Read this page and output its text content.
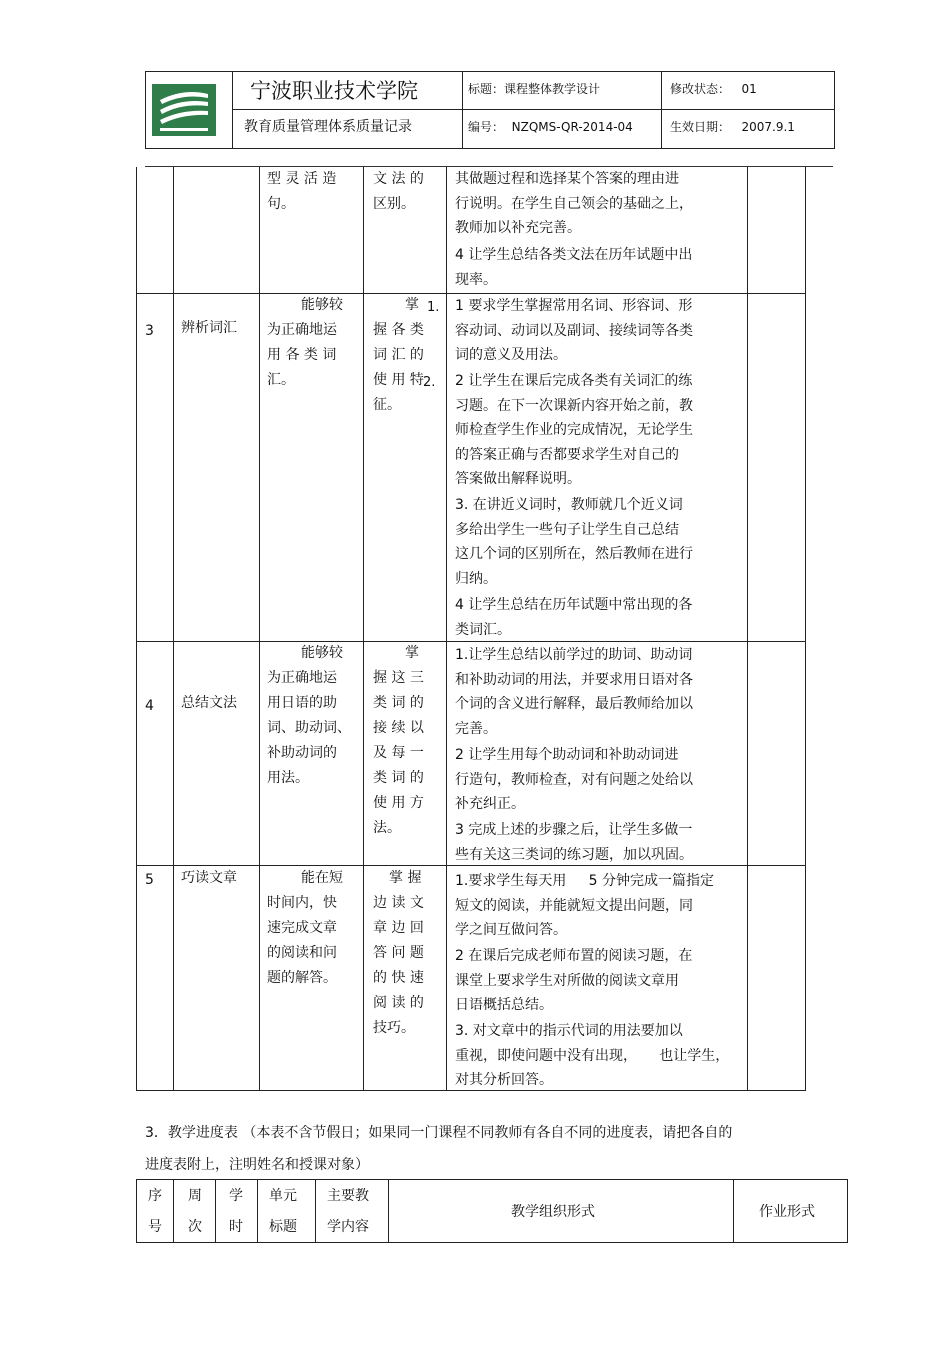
宁波职业技术学院
教育质量管理体系质量记录
标题：课程整体教学设计
编号： NZQMS-QR-2014-04
修改状态： 01
生效日期： 2007.9.1
型 灵 活 造
句。
文 法 的
区别。
其做题过程和选择某个答案的理由进
行说明。在学生自己领会的基础之上，
教师加以补充完善。
4 让学生总结各类文法在历年试题中出
现率。
3 辨析词汇
能够较
为正确地运
用 各 类 词
汇。
掌
握 各 类
词 汇 的
使 用 特
征。
1.
2.
1 要求学生掌握常用名词、形容词、形
容动词、动词以及副词、接续词等各类
词的意义及用法。
2 让学生在课后完成各类有关词汇的练
习题。在下一次课新内容开始之前，教
师检查学生作业的完成情况，无论学生
的答案正确与否都要求学生对自己的
答案做出解释说明。
3. 在讲近义词时，教师就几个近义词
多给出学生一些句子让学生自己总结
这几个词的区别所在，然后教师在进行
归纳。
4 让学生总结在历年试题中常出现的各
类词汇。
4 总结文法
能够较
为正确地运
用日语的助
词、助动词、
补助动词的
用法。
掌
握 这 三
类 词 的
接 续 以
及 每 一
类 词 的
使 用 方
法。
1.让学生总结以前学过的助词、助动词
和补助动词的用法，并要求用日语对各
个词的含义进行解释，最后教师给加以
完善。
2 让学生用每个助动词和补助动词进
行造句，教师检查，对有问题之处给以
补充纠正。
3 完成上述的步骤之后，让学生多做一
些有关这三类词的练习题，加以巩固。
5 巧读文章	能在短
时间内，快
速完成文章
的阅读和问
题的解答。
掌 握
边 读 文
章 边 回
答 问 题
的 快 速
阅 读 的
技巧。
1.要求学生每天用     5 分钟完成一篇指定
短文的阅读，并能就短文提出问题，同
学之间互做问答。
2 在课后完成老师布置的阅读习题，在
课堂上要求学生对所做的阅读文章用
日语概括总结。
3. 对文章中的指示代词的用法要加以
重视，即使问题中没有出现，     也让学生，
对其分析回答。
3．教学进度表 （本表不含节假日；如果同一门课程不同教师有各自不同的进度表，请把各自的
进度表附上，注明姓名和授课对象）
序
号
周
次
学
时
单元
标题
主要教
学内容
教学组织形式	作业形式
